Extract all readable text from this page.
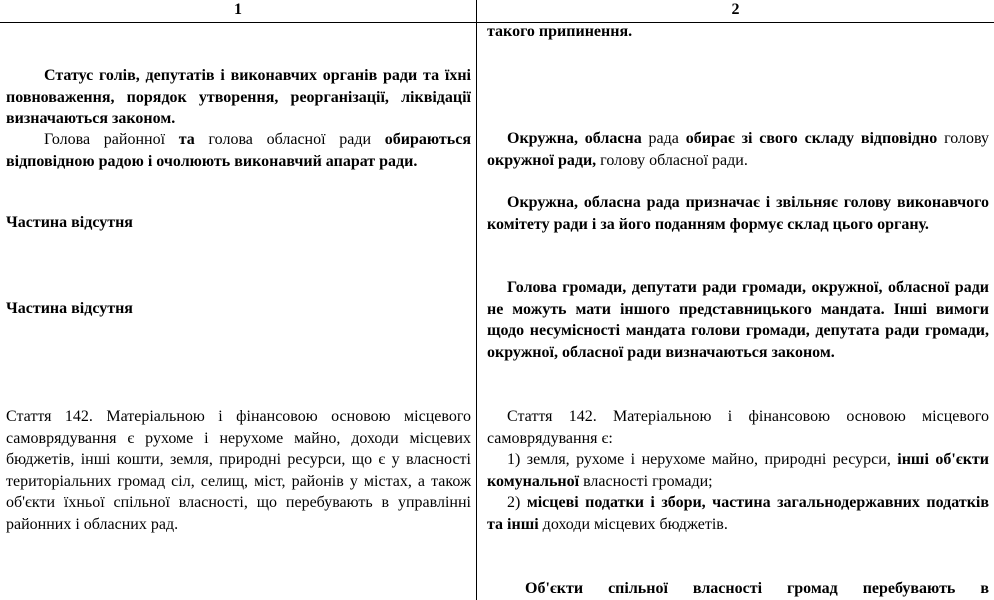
1	2

Статус голів, депутатів і виконавчих органів ради та їхні повноваження, порядок утворення, реорганізації, ліквідації визначаються законом.

Голова районної та голова обласної ради обираються відповідною радою і очолюють виконавчий апарат ради.

Частина відсутня

Частина відсутня

Стаття 142. Матеріальною і фінансовою основою місцевого самоврядування є рухоме і нерухоме майно, доходи місцевих бюджетів, інші кошти, земля, природні ресурси, що є у власності територіальних громад сіл, селищ, міст, районів у містах, а також об'єкти їхньої спільної власності, що перебувають в управлінні районних і обласних рад.

такого припинення.

Окружна, обласна рада обирає зі свого складу відповідно голову окружної ради, голову обласної ради.

Окружна, обласна рада призначає і звільняє голову виконавчого комітету ради і за його поданням формує склад цього органу.

Голова громади, депутати ради громади, окружної, обласної ради не можуть мати іншого представницького мандата. Інші вимоги щодо несумісності мандата голови громади, депутата ради громади, окружної, обласної ради визначаються законом.

Стаття 142. Матеріальною і фінансовою основою місцевого самоврядування є:

1) земля, рухоме і нерухоме майно, природні ресурси, інші об'єкти комунальної власності громади;

2) місцеві податки і збори, частина загальнодержавних податків та інші доходи місцевих бюджетів.

Об'єкти спільної власності громад перебувають в
